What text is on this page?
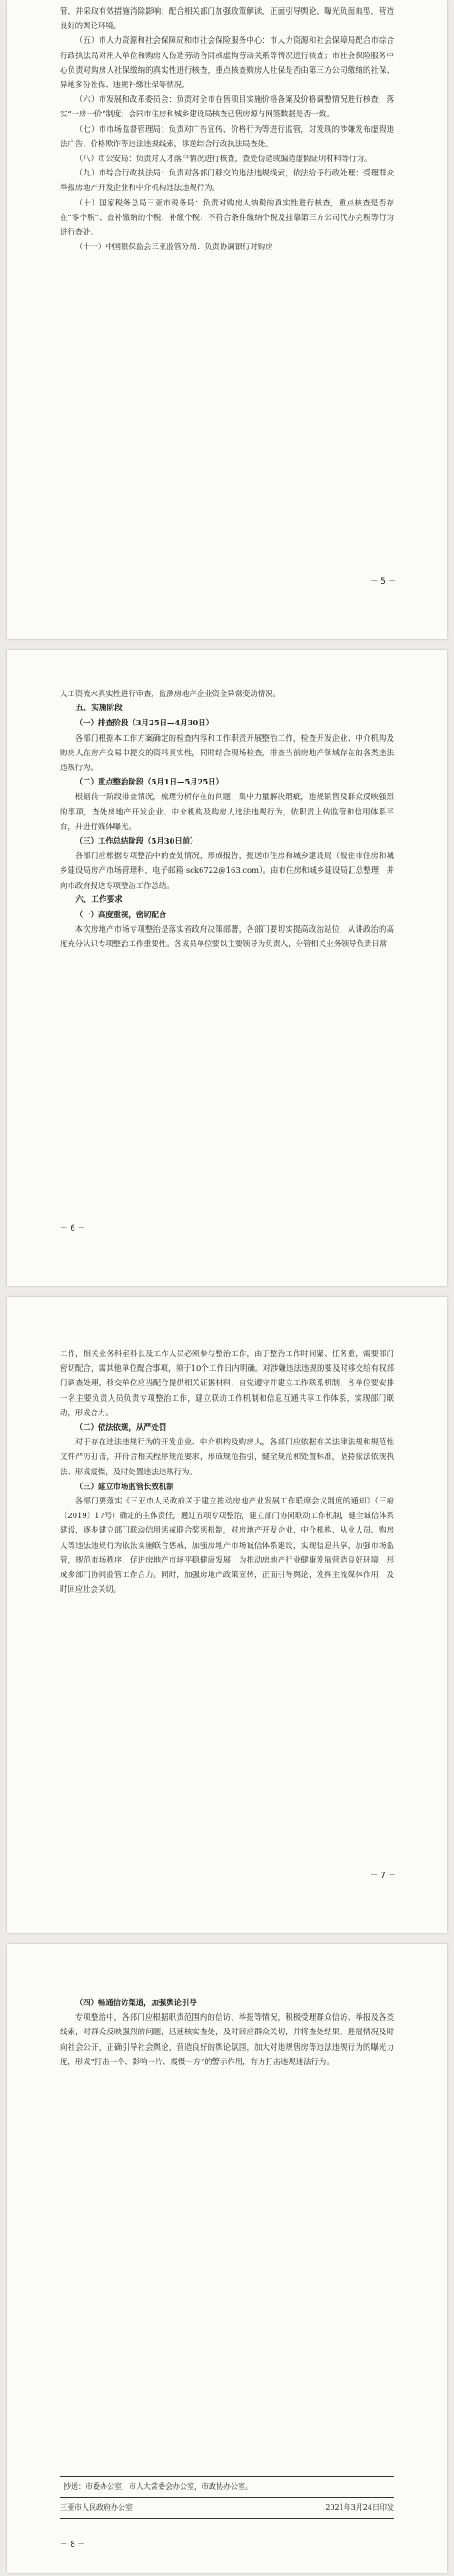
管，并采取有效措施消除影响；配合相关部门加强政策解读，正面引导舆论，曝光负面典型，营造良好的舆论环境。

（五）市人力资源和社会保障局和市社会保险服务中心：市人力资源和社会保障局配合市综合行政执法局对用人单位和购房人伪造劳动合同或虚构劳动关系等情况进行核查；市社会保险服务中心负责对购房人社保缴纳的真实性进行核查，重点核查购房人社保是否由第三方公司缴纳的社保、异地多份社保、违规补缴社保等情况。

（六）市发展和改革委员会：负责对全市在售项目实施价格备案及价格调整情况进行核查，落实“一房一价”制度；会同市住房和城乡建设局核查已售房源与网签数据是否一致。

（七）市市场监督管理局：负责对广告宣传、价格行为等进行监管，对发现的涉嫌发布虚假违法广告、价格欺诈等违法违规线索，移送综合行政执法局查处。

（八）市公安局：负责对人才落户情况进行核查，查处伪造或编造虚假证明材料等行为。

（九）市综合行政执法局：负责对各部门移交的违法违规线索，依法给予行政处理；受理群众举报房地产开发企业和中介机构违法违规行为。

（十）国家税务总局三亚市税务局：负责对购房人纳税的真实性进行核查，重点核查是否存在“零个税”、查补缴纳的个税、补缴个税、不符合条件缴纳个税及挂靠第三方公司代办完税等行为进行查处。

（十一）中国银保监会三亚监管分局：负责协调银行对购房

－ 5 －

人工资流水真实性进行审查，监测房地产企业资金异常变动情况。

五、实施阶段

（一）排查阶段（3月25日—4月30日）

各部门根据本工作方案确定的检查内容和工作职责开展整治工作，检查开发企业、中介机构及购房人在房产交易中提交的资料真实性，同时结合现场检查，排查当前房地产领域存在的各类违法违规行为。

（二）重点整治阶段（5月1日—5月25日）

根据前一阶段排查情况，梳理分析存在的问题，集中力量解决瑕疵，违规销售及群众反映强烈的事项，查处房地产开发企业、中介机构及购房人违法违规行为，依职责上传监管和信用体系平台，并进行媒体曝光。

（三）工作总结阶段（5月30日前）

各部门应根据专项整治中的查处情况，形成报告，报送市住房和城乡建设局（报住市住房和城乡建设局房产市场管理科，电子邮箱 sck6722@163.com）。由市住房和城乡建设局汇总整理，并向市政府报送专项整治工作总结。

六、工作要求

（一）高度重视，密切配合

本次房地产市场专项整治是落实省政府决策部署，各部门要切实提高政治站位，从讲政治的高度充分认识专项整治工作重要性。各成员单位要以主要领导为负责人，分管相关业务领导负责日常

－ 6 －

工作，相关业务科室科长及工作人员必须参与整治工作，由于整治工作时间紧、任务重，需要部门密切配合，需其他单位配合事项，须于10个工作日内明确。对涉嫌违法违规的要及时移交给有权部门调查处理，移交单位应当配合提供相关证据材料，自觉遵守并建立工作联系机制，各单位要安排一名主要负责人员负责专项整治工作，建立联动工作机制和信息互通共享工作体系，实现部门联动，形成合力。

（二）依法依规，从严处罚

对于存在违法违规行为的开发企业、中介机构及购房人，各部门应依据有关法律法规和规范性文件严厉打击，并符合相关程序规范要求，形成规范指引，健全规范和处置标准，坚持依法依规执法、形成震慑，及时处置违法违规行为。

（三）建立市场监管长效机制

各部门要落实《三亚市人民政府关于建立推动房地产业发展工作联席会议制度的通知》（三府〔2019〕17号）确定的主体责任，通过五项专项整治，建立部门协同联动工作机制，健全诚信体系建设，逐步建立部门联动信用惩戒联合奖惩机制，对房地产开发企业、中介机构、从业人员、购房人等违法违规行为依法实施联合惩戒，加强房地产市场诚信体系建设，实现信息共享，加强市场监管，规范市场秩序，促进房地产市场平稳健康发展，为推动房地产行业健康发展营造良好环境，形成多部门协同监管工作合力。同时，加强房地产政策宣传，正面引导舆论，发挥主流媒体作用，及时回应社会关切。

－ 7 －

（四）畅通信访渠道，加强舆论引导

专项整治中，各部门应根据职责范围内的信访、举报等情况，积极受理群众信访、举报及各类线索，对群众反映强烈的问题，迅速核实查处，及时回应群众关切，并将查处结果、进展情况及时向社会公开，正确引导社会舆论，营造良好的舆论氛围，加大对违规售房等违法违规行为的曝光力度，形成“打击一个、影响一片、震慑一方”的警示作用，有力打击违规违法行为。

抄送：市委办公室，市人大常委会办公室，市政协办公室。
三亚市人民政府办公室	2021年3月24日印发
－ 8 －
